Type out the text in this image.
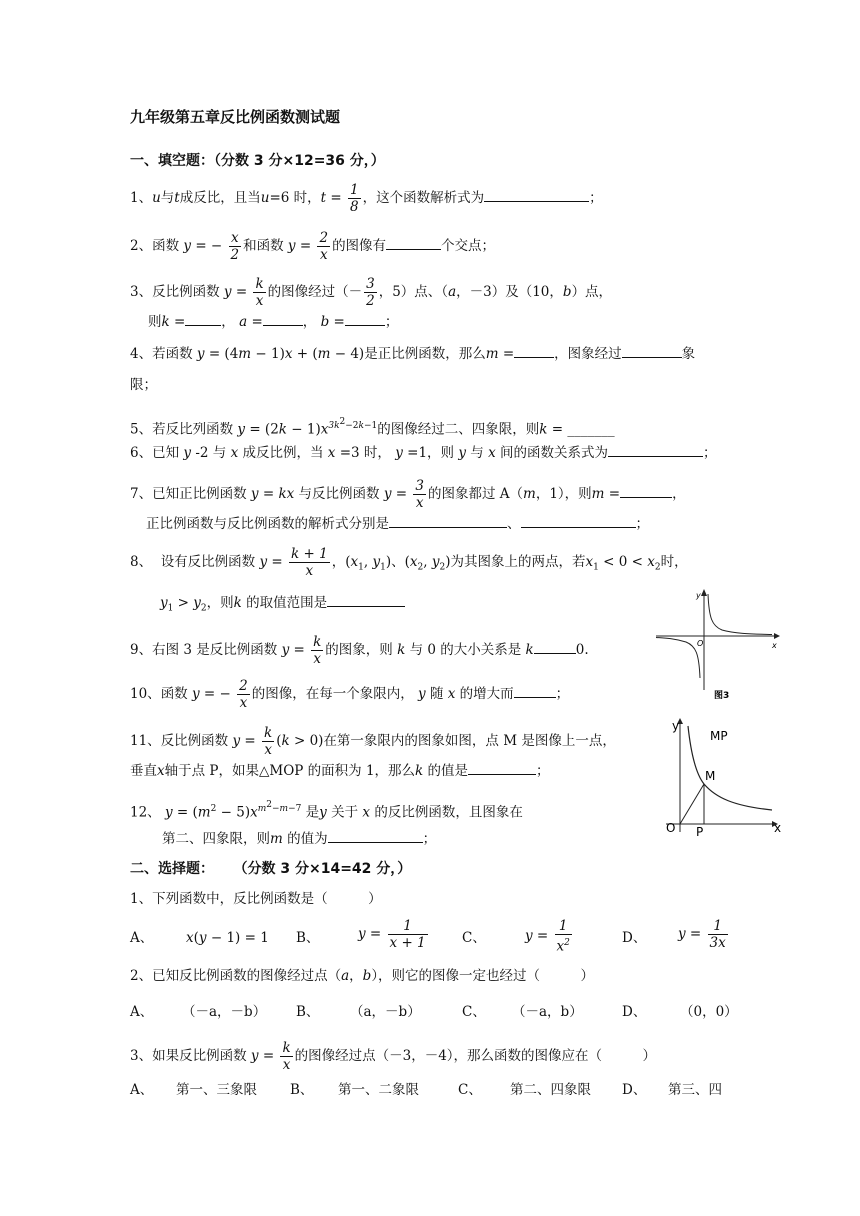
九年级第五章反比例函数测试题
一、填空题：（分数 3 分×12=36 分，）
1、u与t成反比，且当u=6 时，$t = \frac{1}{8}$ ，这个函数解析式为	；
2、函数 y = − $\frac{x}{2}$ 和函数 $y = \frac{2}{x}$ 的图像有	个交点；
3、反比例函数 $y = \frac{k}{x}$ 的图像经过（－ $\frac{3}{2}$ ，5）点、（a，－3）及（10，b）点，
则k =	， a =	， b =	；
4、若函数 y = (4m − 1)x + (m − 4)是正比例函数，那么m =	，图象经过	象
限；
5、若反比列函数 $y = (2k - 1)x^{3k^2-2k-1}$的图像经过二、四象限，则k = _______
6、已知 y -2 与 x 成反比例，当 x =3 时， y =1，则 y 与 x 间的函数关系式为	；
7、已知正比例函数 y = kx 与反比例函数 $y = \frac{3}{x}$ 的图象都过 A（m，1），则m =	，
正比例函数与反比例函数的解析式分别是	、	；
8、 设有反比例函数 $y = \frac{k + 1}{x}$ ，($x_1$, $y_1$)、($x_2$, $y_2$)为其图象上的两点，若$x_1 < 0 < x_2$时，
$y_1 > y_2$，则k 的取值范围是
9、右图 3 是反比例函数 $y = \frac{k}{x}$ 的图象，则 k 与 0 的大小关系是 k	0.
10、函数 y = − $\frac{2}{x}$ 的图像，在每一个象限内， y 随 x 的增大而	；
11、反比例函数 $y = \frac{k}{x} (k > 0)$在第一象限内的图象如图，点 M 是图像上一点，
垂直x轴于点 P，如果△MOP 的面积为 1，那么k 的值是	；
12、 $y = (m^2 - 5)x^{m^2-m-7}$ 是y 关于 x 的反比例函数，且图象在
第二、四象限，则m 的值为	；
二、选择题： （分数 3 分×14=42 分，）
1、下列函数中，反比例函数是（　　　）
A、 x(y − 1) = 1 B、	$y = \frac{1}{x + 1}$	C、	$y = \frac{1}{x^2}$	D、 $y = \frac{1}{3x}$
2、已知反比例函数的图像经过点（a，b），则它的图像一定也经过（　　　）
A、 （－a，－b） B、 （a，－b）	C、 （－a，b）	D、 （0，0）
3、如果反比例函数 $y = \frac{k}{x}$ 的图像经过点（－3，－4），那么函数的图像应在（　　　）
A、 第一、三象限 B、 第一、二象限	C、 第二、四象限 D、 第三、四
y
x
O
图3
y
x
O P
M
MP
